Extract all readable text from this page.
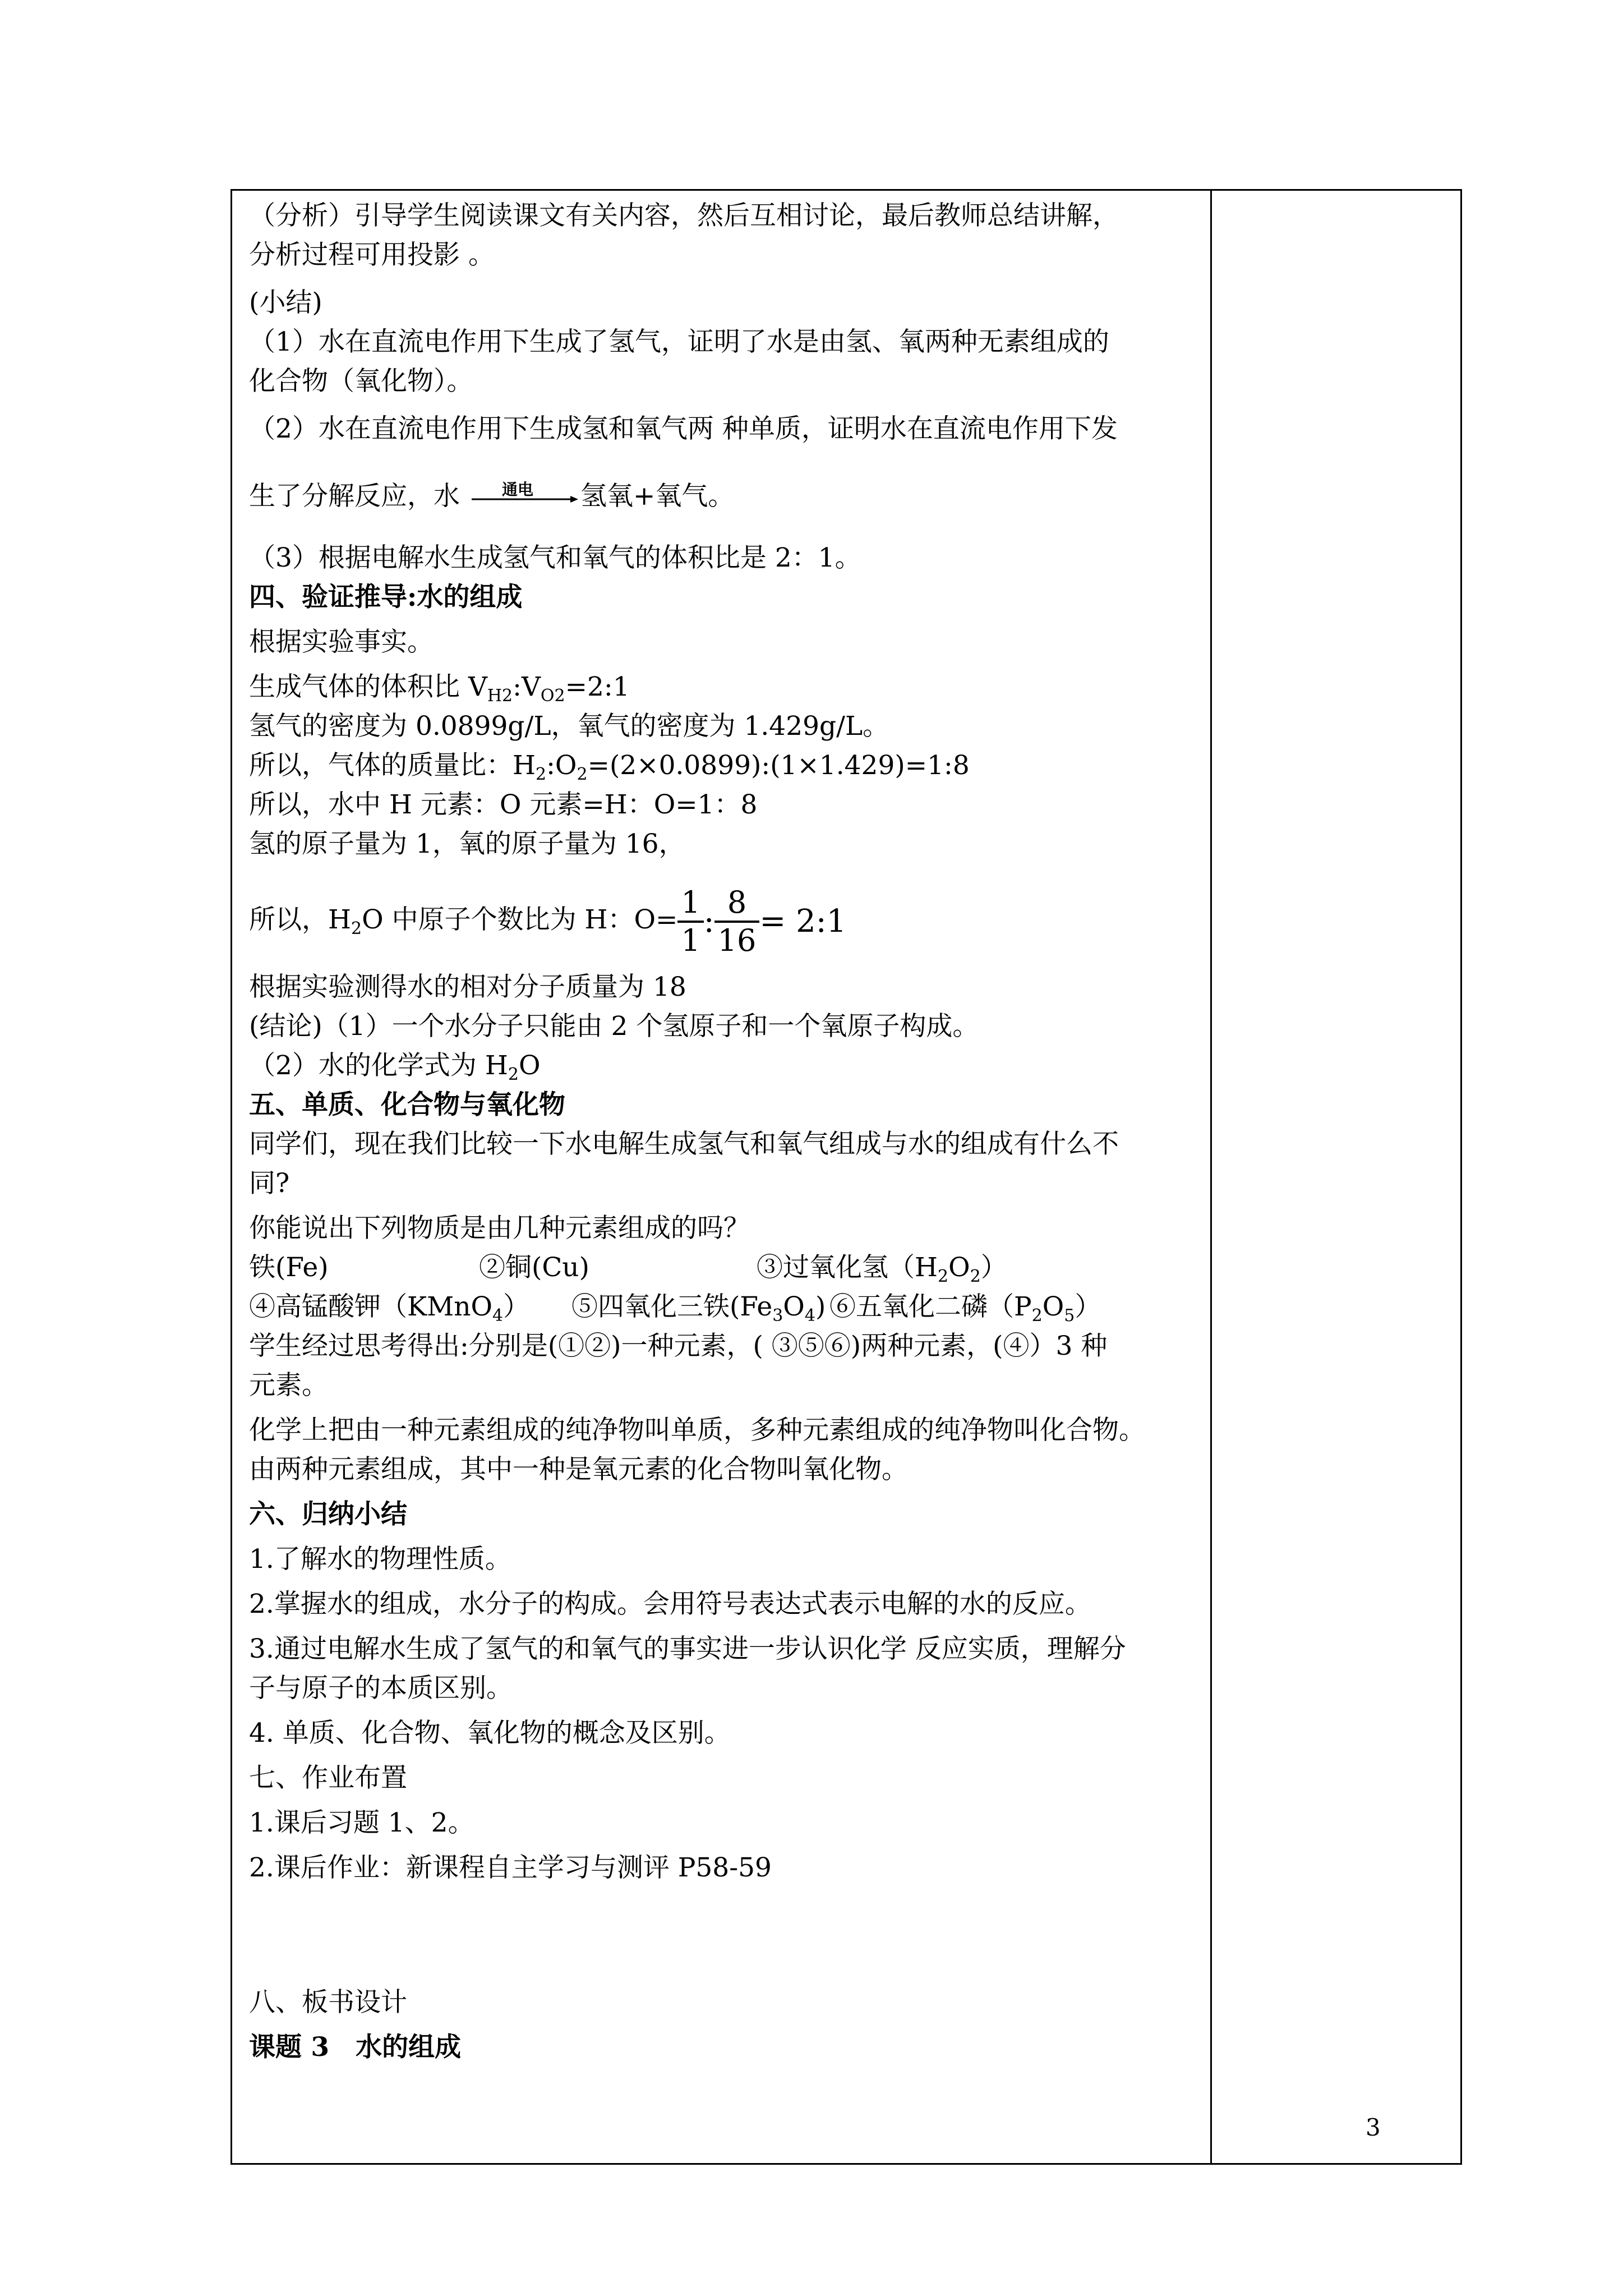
（分析）引导学生阅读课文有关内容，然后互相讨论，最后教师总结讲解，
分析过程可用投影 。
(小结)
（1）水在直流电作用下生成了氢气，证明了水是由氢、氧两种无素组成的
化合物（氧化物）。
（2）水在直流电作用下生成氢和氧气两 种单质，证明水在直流电作用下发
生了分解反应，水 通电 氢氧+氧气。
（3）根据电解水生成氢气和氧气的体积比是 2：1。
四、验证推导:水的组成
根据实验事实。
生成气体的体积比 $V_{H2}:V_{O2}=2:1$
氢气的密度为 0.0899g/L，氧气的密度为 1.429g/L。
所以，气体的质量比：$H_2:O_2=(2\times 0.0899):(1\times 1.429)=1:8$
所以，水中 H 元素：O 元素=H：O=1：8
氢的原子量为 1，氧的原子量为 16，
所以，$H_2O$ 中原子个数比为 H：$O= \frac{1}{1}$ : $\frac{8}{16}$ = 2:1
根据实验测得水的相对分子质量为 18
(结论)（1）一个水分子只能由 2 个氢原子和一个氧原子构成。
（2）水的化学式为 $H_2O$
五、单质、化合物与氧化物
同学们，现在我们比较一下水电解生成氢气和氧气组成与水的组成有什么不
同?
你能说出下列物质是由几种元素组成的吗？
铁(Fe)	②铜(Cu)	③过氧化氢$(H_2O_2)$
④高锰酸钾（KMnO$_4$） ⑤四氧化三铁$(Fe_3O_4)$ ⑥五氧化二磷$(P_2O_5)$
学生经过思考得出:分别是(①②)一种元素，( ③⑤⑥)两种元素，(④）3 种
元素。
化学上把由一种元素组成的纯净物叫单质，多种元素组成的纯净物叫化合物。
由两种元素组成，其中一种是氧元素的化合物叫氧化物。
六、归纳小结
1.了解水的物理性质。
2.掌握水的组成，水分子的构成。会用符号表达式表示电解的水的反应。
3.通过电解水生成了氢气的和氧气的事实进一步认识化学 反应实质，理解分
子与原子的本质区别。
4. 单质、化合物、氧化物的概念及区别。
七、作业布置
1.课后习题 1、2。
2.课后作业：新课程自主学习与测评 P58-59
八、板书设计
课题 3　水的组成
3
